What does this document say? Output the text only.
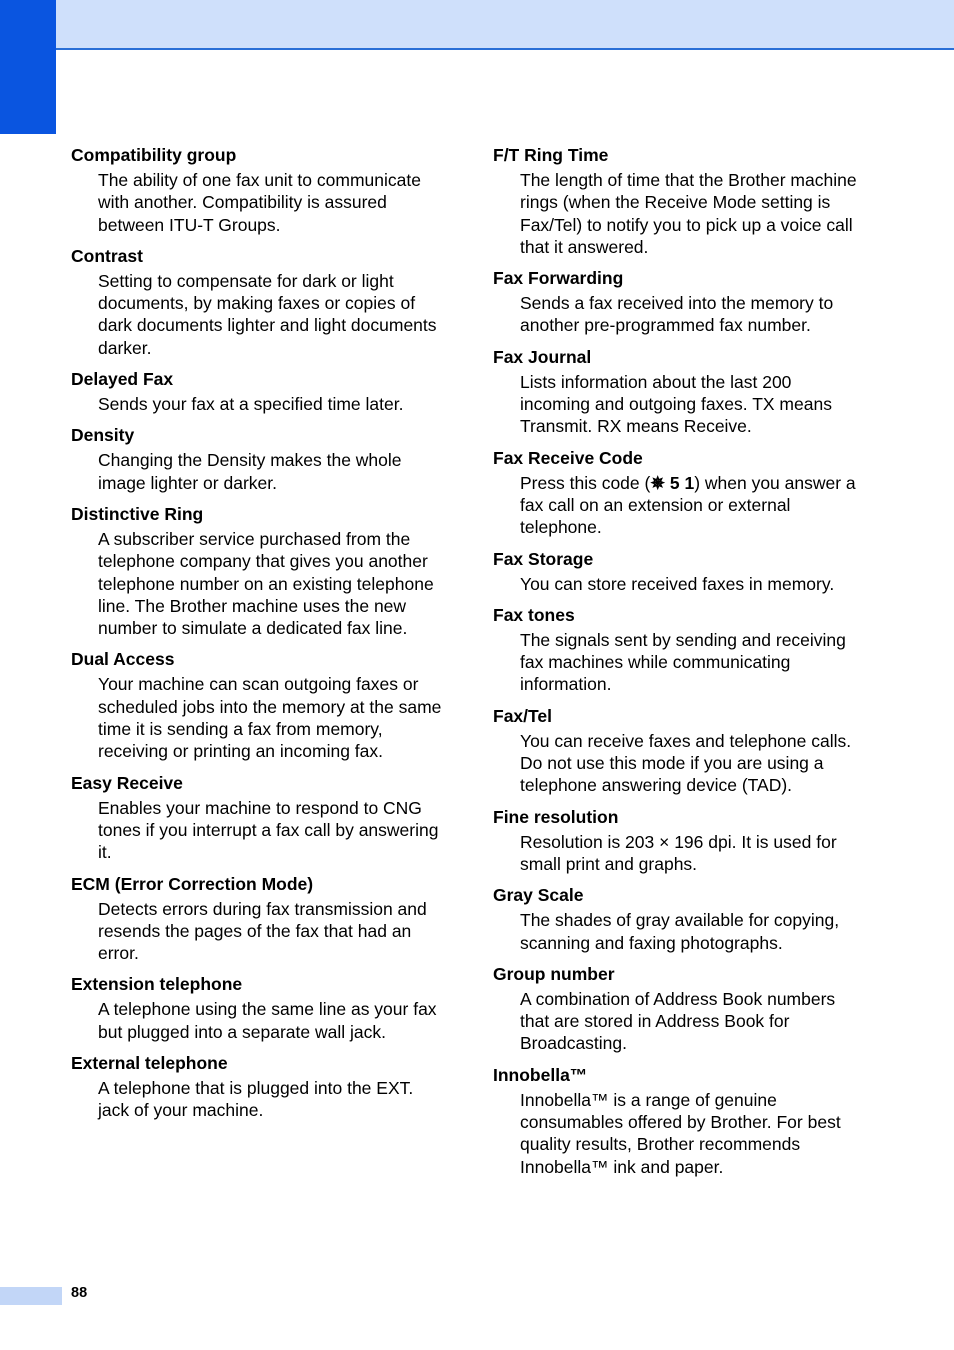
Compatibility group

The ability of one fax unit to communicate with another. Compatibility is assured between ITU-T Groups.

Contrast

Setting to compensate for dark or light documents, by making faxes or copies of dark documents lighter and light documents darker.

Delayed Fax

Sends your fax at a specified time later.

Density

Changing the Density makes the whole image lighter or darker.

Distinctive Ring

A subscriber service purchased from the telephone company that gives you another telephone number on an existing telephone line. The Brother machine uses the new number to simulate a dedicated fax line.

Dual Access

Your machine can scan outgoing faxes or scheduled jobs into the memory at the same time it is sending a fax from memory, receiving or printing an incoming fax.

Easy Receive

Enables your machine to respond to CNG tones if you interrupt a fax call by answering it.

ECM (Error Correction Mode)

Detects errors during fax transmission and resends the pages of the fax that had an error.

Extension telephone

A telephone using the same line as your fax but plugged into a separate wall jack.

External telephone

A telephone that is plugged into the EXT. jack of your machine.

F/T Ring Time

The length of time that the Brother machine rings (when the Receive Mode setting is Fax/Tel) to notify you to pick up a voice call that it answered.

Fax Forwarding

Sends a fax received into the memory to another pre-programmed fax number.

Fax Journal

Lists information about the last 200 incoming and outgoing faxes. TX means Transmit. RX means Receive.

Fax Receive Code

Press this code (✵ 5 1) when you answer a fax call on an extension or external telephone.

Fax Storage

You can store received faxes in memory.

Fax tones

The signals sent by sending and receiving fax machines while communicating information.

Fax/Tel

You can receive faxes and telephone calls. Do not use this mode if you are using a telephone answering device (TAD).

Fine resolution

Resolution is 203 × 196 dpi. It is used for small print and graphs.

Gray Scale

The shades of gray available for copying, scanning and faxing photographs.

Group number

A combination of Address Book numbers that are stored in Address Book for Broadcasting.

Innobella™

Innobella™ is a range of genuine consumables offered by Brother. For best quality results, Brother recommends Innobella™ ink and paper.

88
